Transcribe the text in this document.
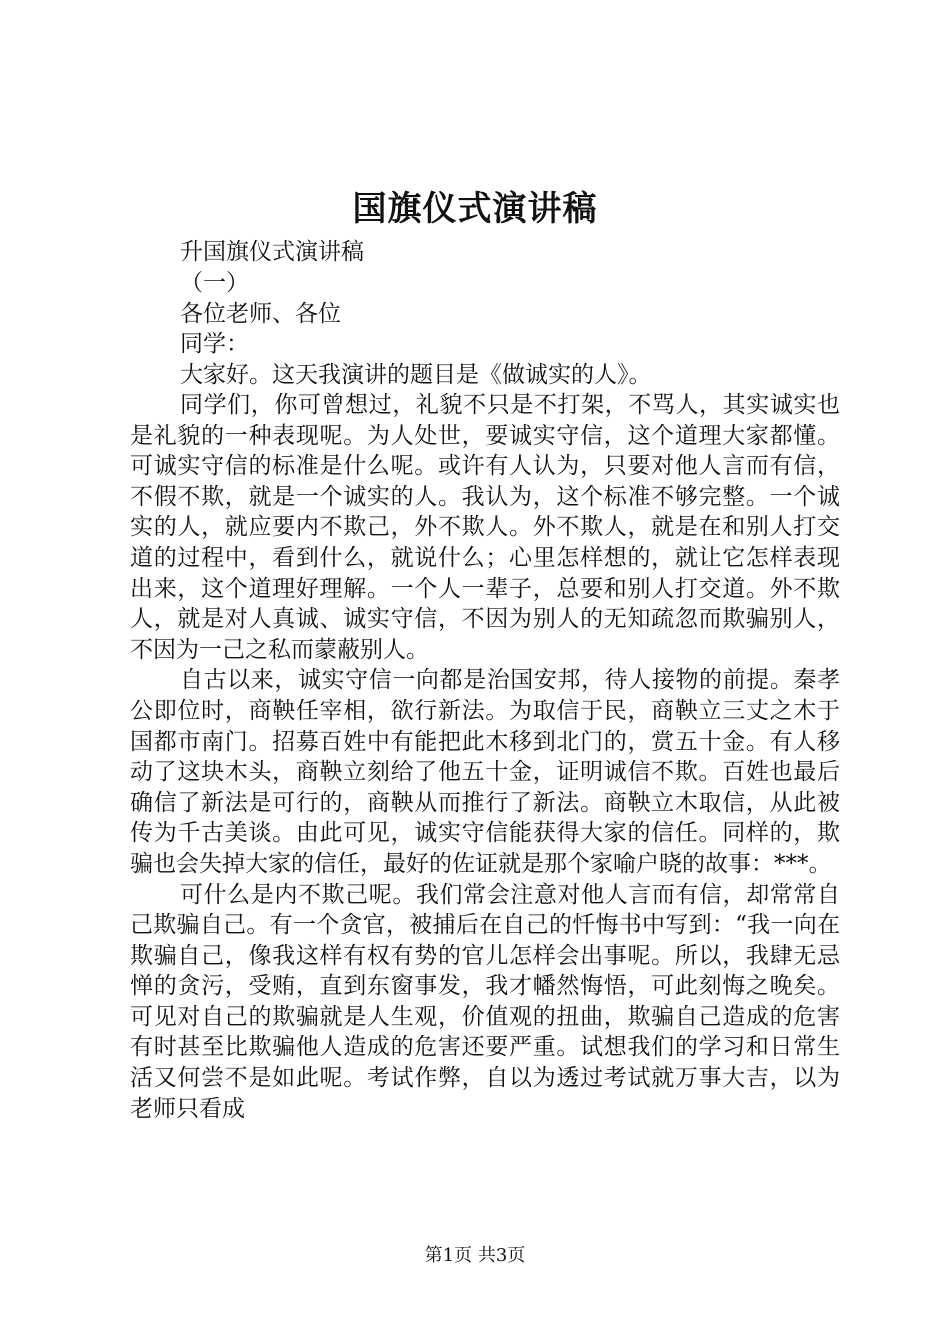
国旗仪式演讲稿
升国旗仪式演讲稿
（一）
各位老师、各位
同学：
大家好。这天我演讲的题目是《做诚实的人》。

同学们，你可曾想过，礼貌不只是不打架，不骂人，其实诚实也是礼貌的一种表现呢。为人处世，要诚实守信，这个道理大家都懂。可诚实守信的标准是什么呢。或许有人认为，只要对他人言而有信，不假不欺，就是一个诚实的人。我认为，这个标准不够完整。一个诚实的人，就应要内不欺己，外不欺人。外不欺人，就是在和别人打交道的过程中，看到什么，就说什么；心里怎样想的，就让它怎样表现出来，这个道理好理解。一个人一辈子，总要和别人打交道。外不欺人，就是对人真诚、诚实守信，不因为别人的无知疏忽而欺骗别人，不因为一己之私而蒙蔽别人。

自古以来，诚实守信一向都是治国安邦，待人接物的前提。秦孝公即位时，商鞅任宰相，欲行新法。为取信于民，商鞅立三丈之木于国都市南门。招募百姓中有能把此木移到北门的，赏五十金。有人移动了这块木头，商鞅立刻给了他五十金，证明诚信不欺。百姓也最后确信了新法是可行的，商鞅从而推行了新法。商鞅立木取信，从此被传为千古美谈。由此可见，诚实守信能获得大家的信任。同样的，欺骗也会失掉大家的信任，最好的佐证就是那个家喻户晓的故事：***。

可什么是内不欺己呢。我们常会注意对他人言而有信，却常常自己欺骗自己。有一个贪官，被捕后在自己的忏悔书中写到：“我一向在欺骗自己，像我这样有权有势的官儿怎样会出事呢。所以，我肆无忌惮的贪污，受贿，直到东窗事发，我才幡然悔悟，可此刻悔之晚矣。可见对自己的欺骗就是人生观，价值观的扭曲，欺骗自己造成的危害有时甚至比欺骗他人造成的危害还要严重。试想我们的学习和日常生活又何尝不是如此呢。考试作弊，自以为透过考试就万事大吉，以为老师只看成

第1页 共3页
